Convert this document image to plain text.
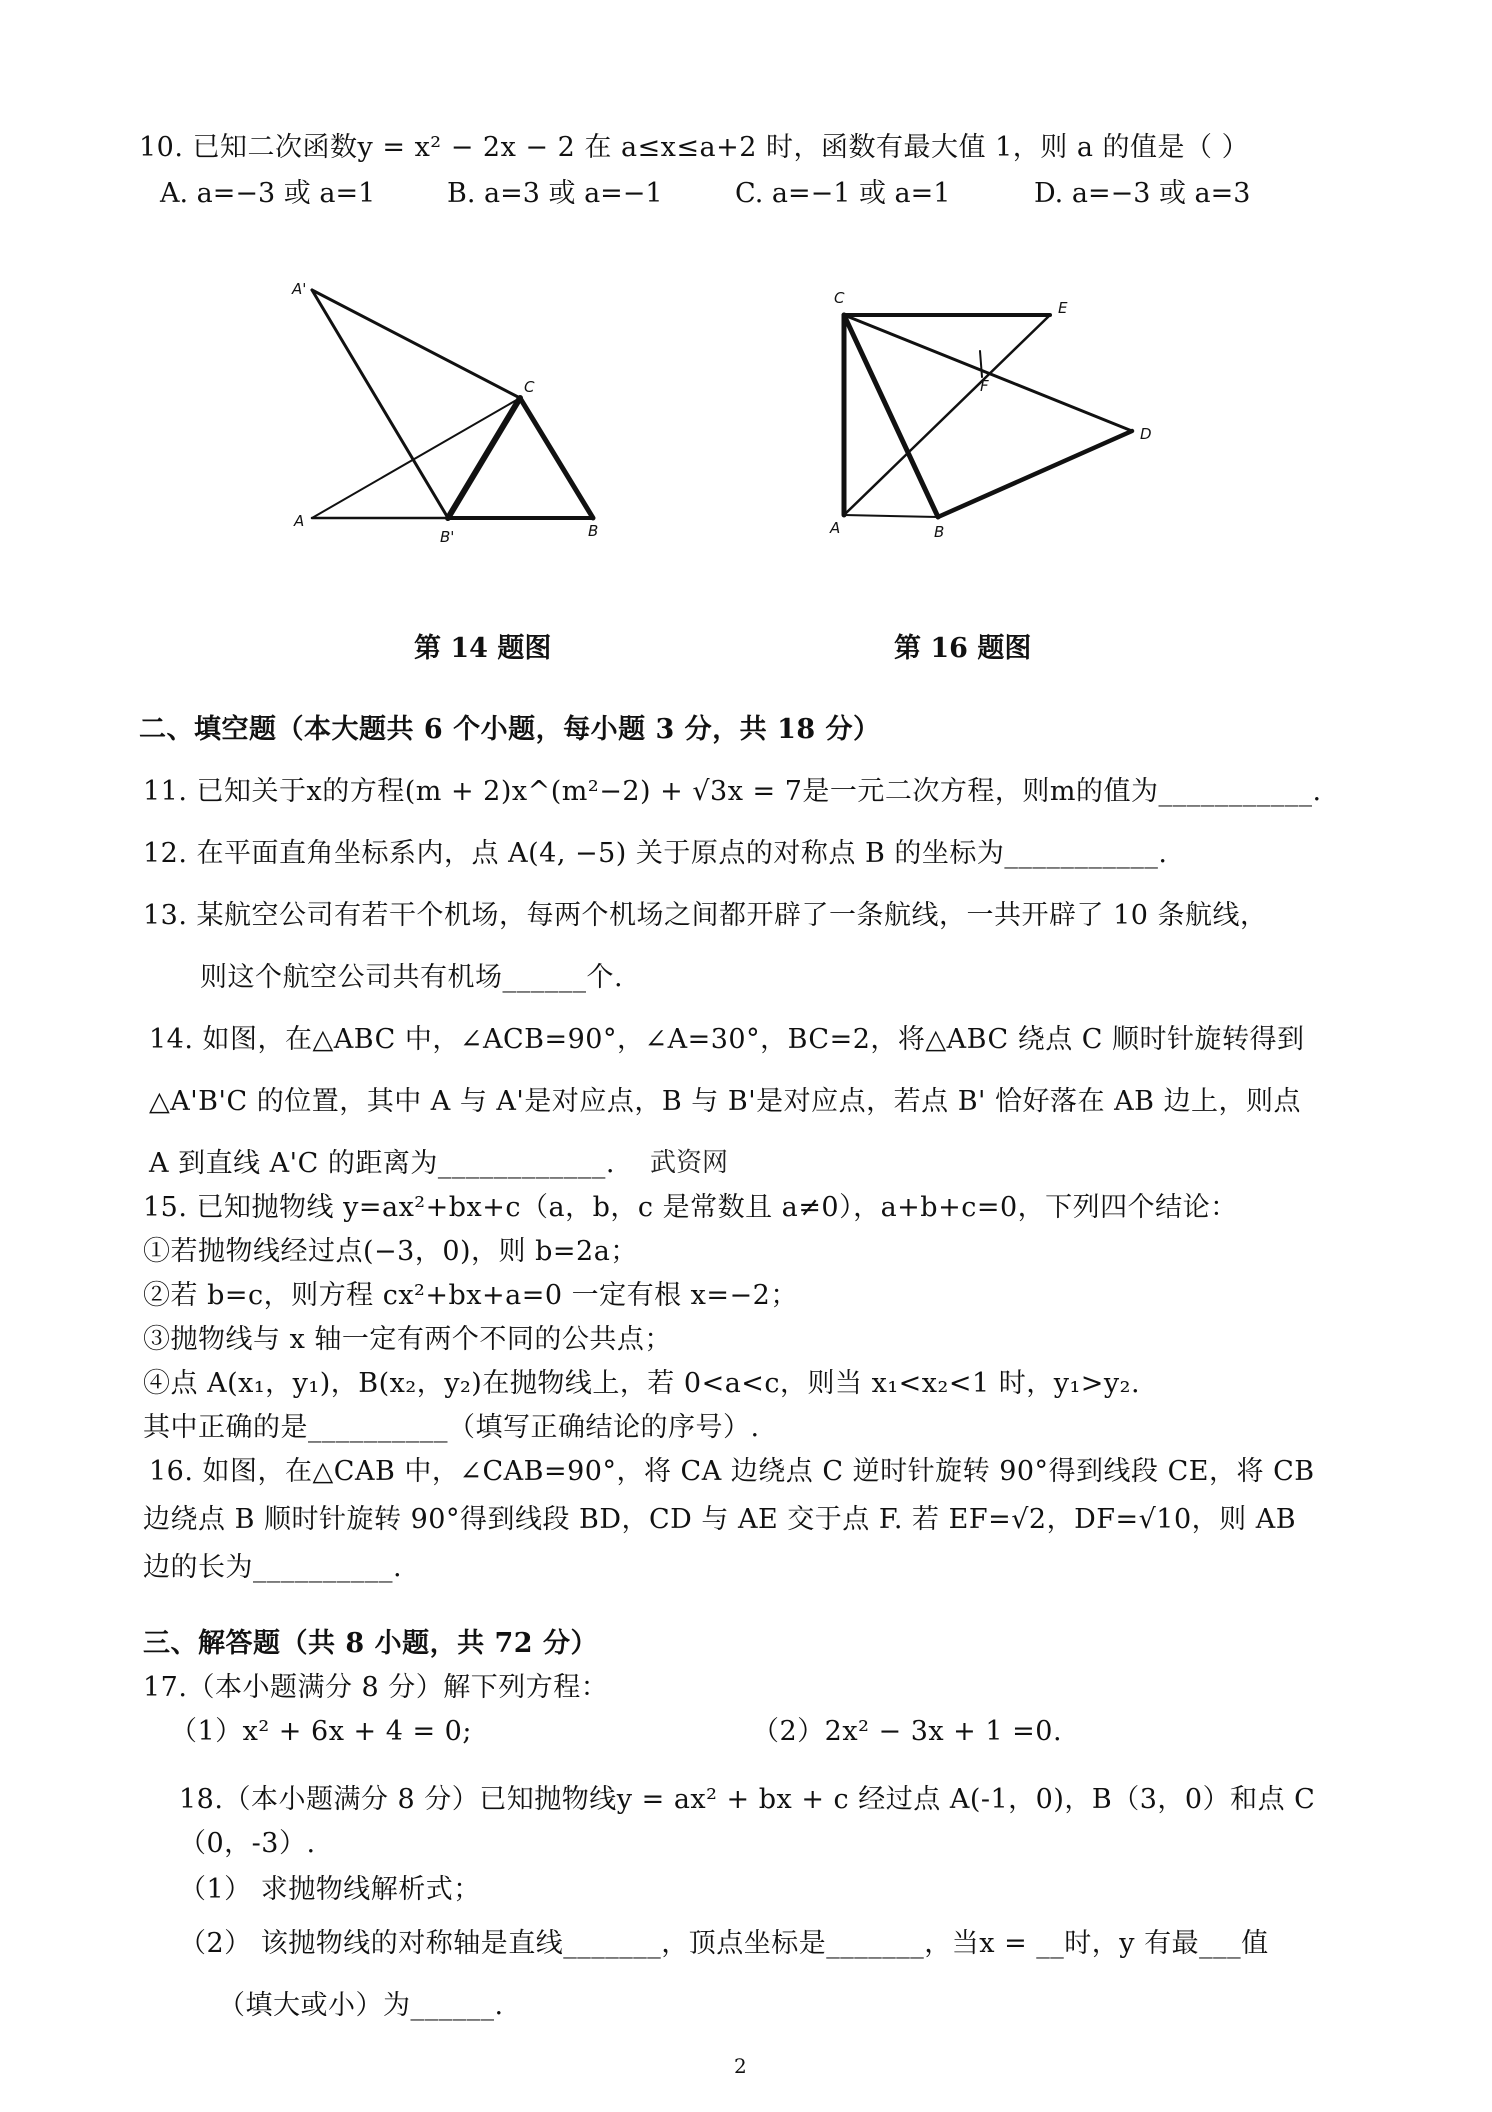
10. 已知二次函数y = x² − 2x − 2 在 a≤x≤a+2 时，函数有最大值 1，则 a 的值是（ ）
A. a=−3 或 a=1	B. a=3 或 a=−1	C. a=−1 或 a=1	D. a=−3 或 a=3
A'
C
A
B'	B
第 14 题图
C
E
F
D
A	B
第 16 题图
二、填空题（本大题共 6 个小题，每小题 3 分，共 18 分）
11. 已知关于x的方程(m + 2)x^(m²−2) + √3x = 7是一元二次方程，则m的值为___________.
12. 在平面直角坐标系内，点 A(4, −5) 关于原点的对称点 B 的坐标为___________.
13. 某航空公司有若干个机场，每两个机场之间都开辟了一条航线，一共开辟了 10 条航线，
则这个航空公司共有机场______个.
14. 如图，在△ABC 中，∠ACB=90°，∠A=30°，BC=2，将△ABC 绕点 C 顺时针旋转得到
△A'B'C 的位置，其中 A 与 A'是对应点，B 与 B'是对应点，若点 B' 恰好落在 AB 边上，则点
A 到直线 A'C 的距离为____________. 武资网
15. 已知抛物线 y=ax²+bx+c（a，b，c 是常数且 a≠0），a+b+c=0，下列四个结论：
①若抛物线经过点(−3，0)，则 b=2a；
②若 b=c，则方程 cx²+bx+a=0 一定有根 x=−2；
③抛物线与 x 轴一定有两个不同的公共点；
④点 A(x₁，y₁)，B(x₂，y₂)在抛物线上，若 0<a<c，则当 x₁<x₂<1 时，y₁>y₂.
其中正确的是__________（填写正确结论的序号）.
16. 如图，在△CAB 中，∠CAB=90°，将 CA 边绕点 C 逆时针旋转 90°得到线段 CE，将 CB
边绕点 B 顺时针旋转 90°得到线段 BD，CD 与 AE 交于点 F. 若 EF=√2，DF=√10，则 AB
边的长为__________.
三、解答题（共 8 小题，共 72 分）
17.（本小题满分 8 分）解下列方程：
（1）x² + 6x + 4 = 0;	（2）2x² − 3x + 1 =0.
18.（本小题满分 8 分）已知抛物线y = ax² + bx + c 经过点 A(-1，0)，B（3，0）和点 C
（0，-3）.
（1） 求抛物线解析式；
（2） 该抛物线的对称轴是直线_______，顶点坐标是_______，当x = __时，y 有最___值
（填大或小）为______.
2
